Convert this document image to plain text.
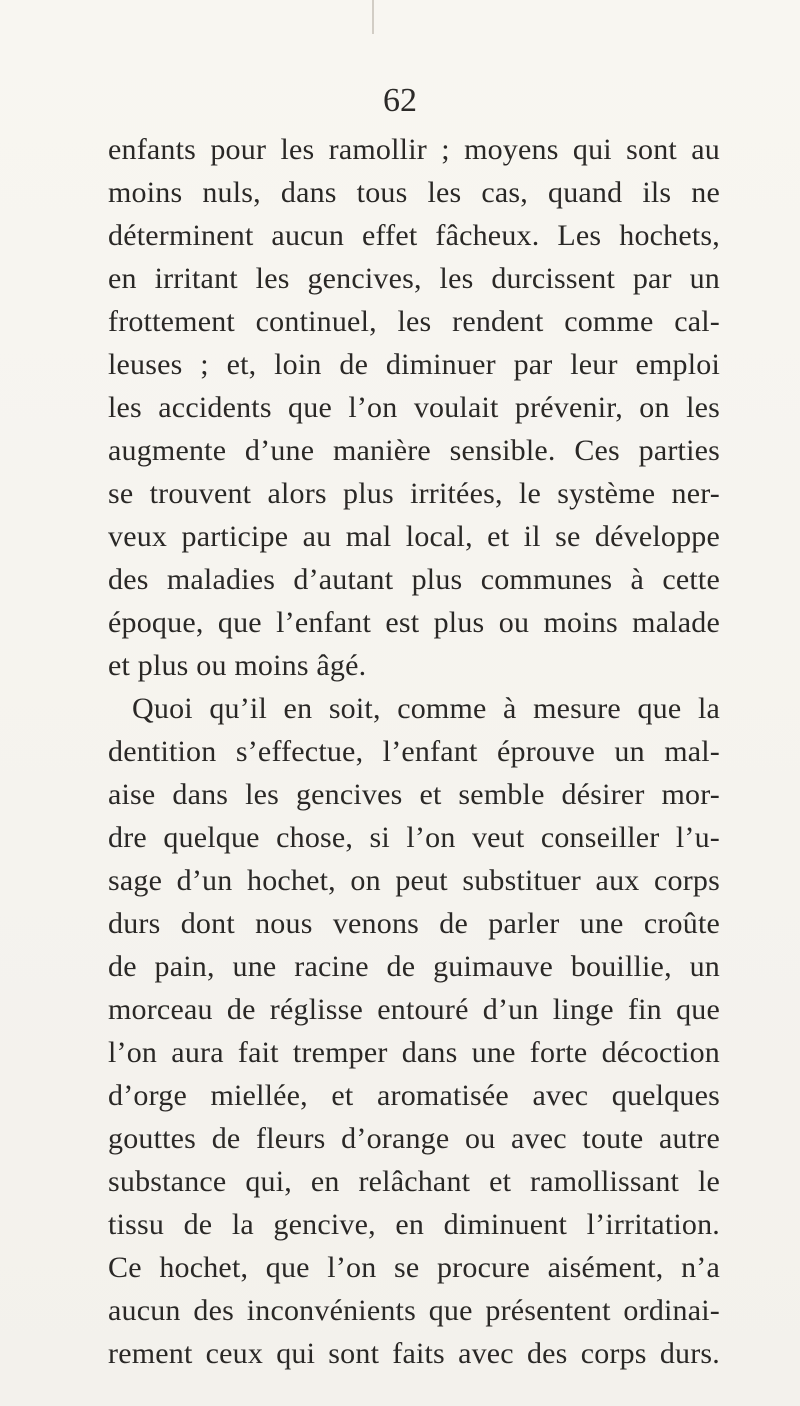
62
enfants pour les ramollir ; moyens qui sont au
moins nuls, dans tous les cas, quand ils ne
déterminent aucun effet fâcheux. Les hochets,
en irritant les gencives, les durcissent par un
frottement continuel, les rendent comme cal-
leuses ; et, loin de diminuer par leur emploi
les accidents que l’on voulait prévenir, on les
augmente d’une manière sensible. Ces parties
se trouvent alors plus irritées, le système ner-
veux participe au mal local, et il se développe
des maladies d’autant plus communes à cette
époque, que l’enfant est plus ou moins malade
et plus ou moins âgé.
Quoi qu’il en soit, comme à mesure que la
dentition s’effectue, l’enfant éprouve un mal-
aise dans les gencives et semble désirer mor-
dre quelque chose, si l’on veut conseiller l’u-
sage d’un hochet, on peut substituer aux corps
durs dont nous venons de parler une croûte
de pain, une racine de guimauve bouillie, un
morceau de réglisse entouré d’un linge fin que
l’on aura fait tremper dans une forte décoction
d’orge miellée, et aromatisée avec quelques
gouttes de fleurs d’orange ou avec toute autre
substance qui, en relâchant et ramollissant le
tissu de la gencive, en diminuent l’irritation.
Ce hochet, que l’on se procure aisément, n’a
aucun des inconvénients que présentent ordinai-
rement ceux qui sont faits avec des corps durs.
